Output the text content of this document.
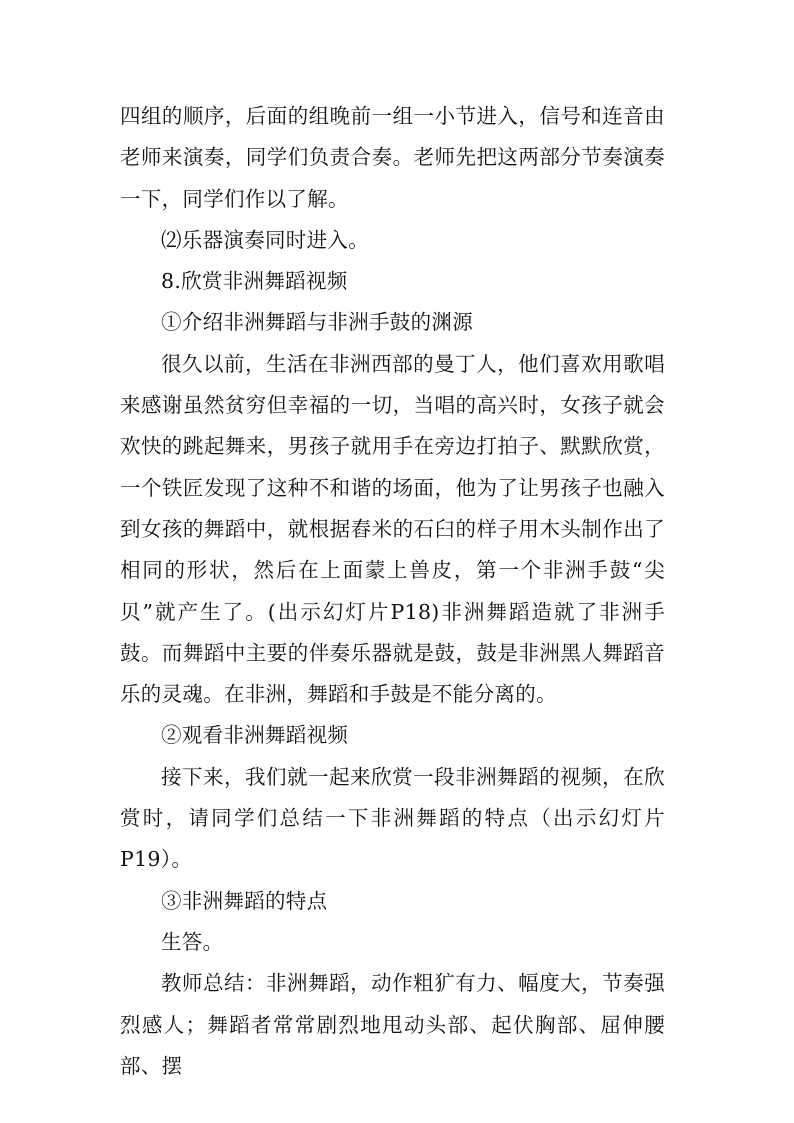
四组的顺序，后面的组晚前一组一小节进入，信号和连音由老师来演奏，同学们负责合奏。老师先把这两部分节奏演奏一下，同学们作以了解。

⑵乐器演奏同时进入。

8.欣赏非洲舞蹈视频

①介绍非洲舞蹈与非洲手鼓的渊源

很久以前，生活在非洲西部的曼丁人，他们喜欢用歌唱来感谢虽然贫穷但幸福的一切，当唱的高兴时，女孩子就会欢快的跳起舞来，男孩子就用手在旁边打拍子、默默欣赏，一个铁匠发现了这种不和谐的场面，他为了让男孩子也融入到女孩的舞蹈中，就根据舂米的石臼的样子用木头制作出了相同的形状，然后在上面蒙上兽皮，第一个非洲手鼓“尖贝”就产生了。(出示幻灯片P18)非洲舞蹈造就了非洲手鼓。而舞蹈中主要的伴奏乐器就是鼓，鼓是非洲黑人舞蹈音乐的灵魂。在非洲，舞蹈和手鼓是不能分离的。

②观看非洲舞蹈视频

接下来，我们就一起来欣赏一段非洲舞蹈的视频，在欣赏时，请同学们总结一下非洲舞蹈的特点（出示幻灯片P19）。

③非洲舞蹈的特点

生答。

教师总结：非洲舞蹈，动作粗犷有力、幅度大，节奏强烈感人；舞蹈者常常剧烈地甩动头部、起伏胸部、屈伸腰部、摆
